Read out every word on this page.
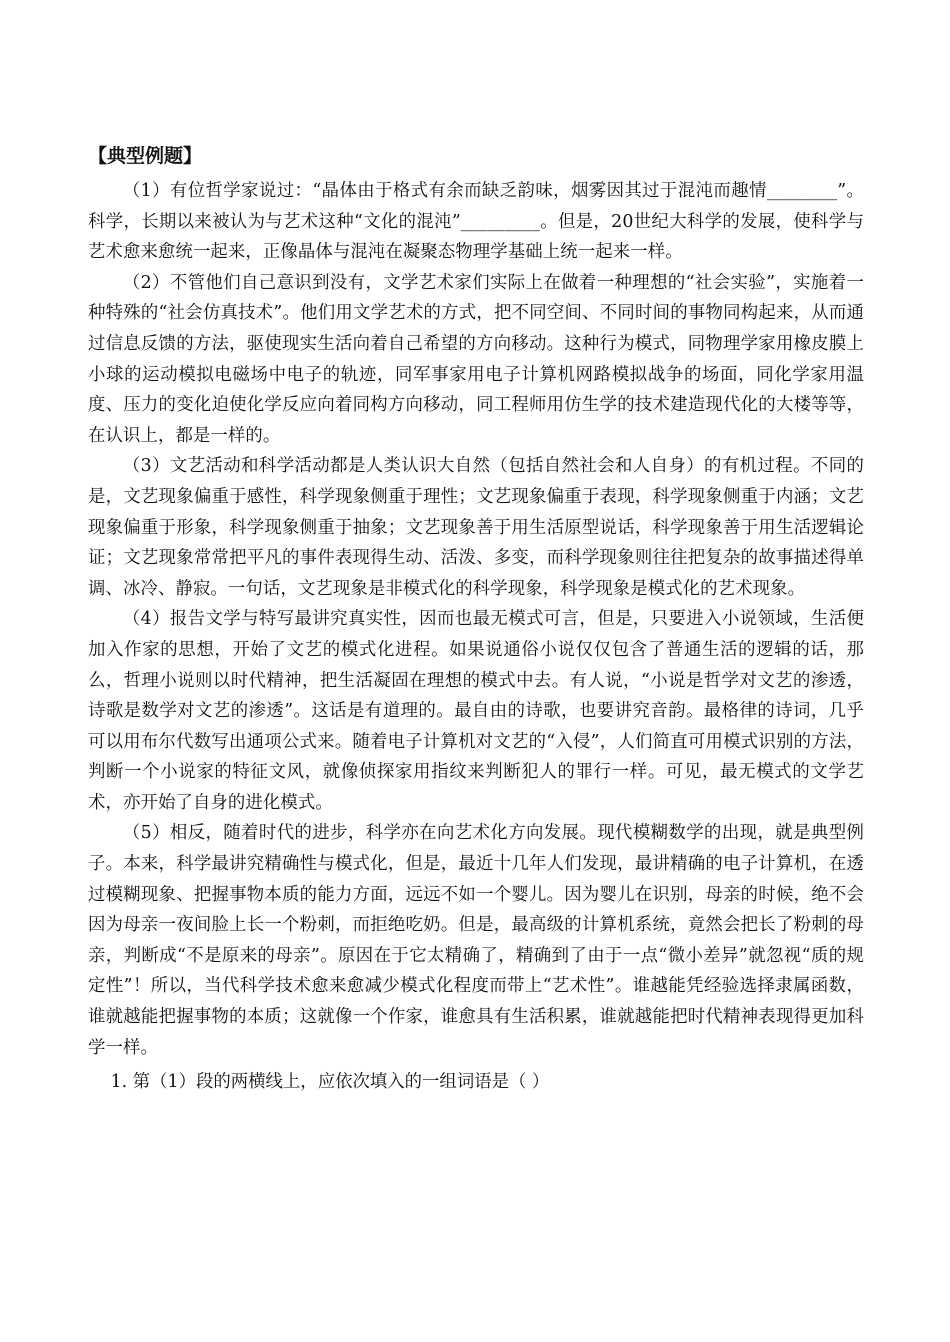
【典型例题】

（1）有位哲学家说过：“晶体由于格式有余而缺乏韵味，烟雾因其过于混沌而趣情________”。科学，长期以来被认为与艺术这种“文化的混沌”_________。但是，20世纪大科学的发展，使科学与艺术愈来愈统一起来，正像晶体与混沌在凝聚态物理学基础上统一起来一样。

（2）不管他们自己意识到没有，文学艺术家们实际上在做着一种理想的“社会实验”，实施着一种特殊的“社会仿真技术”。他们用文学艺术的方式，把不同空间、不同时间的事物同构起来，从而通过信息反馈的方法，驱使现实生活向着自己希望的方向移动。这种行为模式，同物理学家用橡皮膜上小球的运动模拟电磁场中电子的轨迹，同军事家用电子计算机网路模拟战争的场面，同化学家用温度、压力的变化迫使化学反应向着同构方向移动，同工程师用仿生学的技术建造现代化的大楼等等，在认识上，都是一样的。

（3）文艺活动和科学活动都是人类认识大自然（包括自然社会和人自身）的有机过程。不同的是，文艺现象偏重于感性，科学现象侧重于理性；文艺现象偏重于表现，科学现象侧重于内涵；文艺现象偏重于形象，科学现象侧重于抽象；文艺现象善于用生活原型说话，科学现象善于用生活逻辑论证；文艺现象常常把平凡的事件表现得生动、活泼、多变，而科学现象则往往把复杂的故事描述得单调、冰冷、静寂。一句话，文艺现象是非模式化的科学现象，科学现象是模式化的艺术现象。

（4）报告文学与特写最讲究真实性，因而也最无模式可言，但是，只要进入小说领域，生活便加入作家的思想，开始了文艺的模式化进程。如果说通俗小说仅仅包含了普通生活的逻辑的话，那么，哲理小说则以时代精神，把生活凝固在理想的模式中去。有人说，“小说是哲学对文艺的渗透，诗歌是数学对文艺的渗透”。这话是有道理的。最自由的诗歌，也要讲究音韵。最格律的诗词，几乎可以用布尔代数写出通项公式来。随着电子计算机对文艺的“入侵”，人们简直可用模式识别的方法，判断一个小说家的特征文风，就像侦探家用指纹来判断犯人的罪行一样。可见，最无模式的文学艺术，亦开始了自身的进化模式。

（5）相反，随着时代的进步，科学亦在向艺术化方向发展。现代模糊数学的出现，就是典型例子。本来，科学最讲究精确性与模式化，但是，最近十几年人们发现，最讲精确的电子计算机，在透过模糊现象、把握事物本质的能力方面，远远不如一个婴儿。因为婴儿在识别，母亲的时候，绝不会因为母亲一夜间脸上长一个粉刺，而拒绝吃奶。但是，最高级的计算机系统，竟然会把长了粉刺的母亲，判断成“不是原来的母亲”。原因在于它太精确了，精确到了由于一点“微小差异”就忽视“质的规定性”！所以，当代科学技术愈来愈减少模式化程度而带上“艺术性”。谁越能凭经验选择隶属函数，谁就越能把握事物的本质；这就像一个作家，谁愈具有生活积累，谁就越能把时代精神表现得更加科学一样。

1. 第（1）段的两横线上，应依次填入的一组词语是（ ）
